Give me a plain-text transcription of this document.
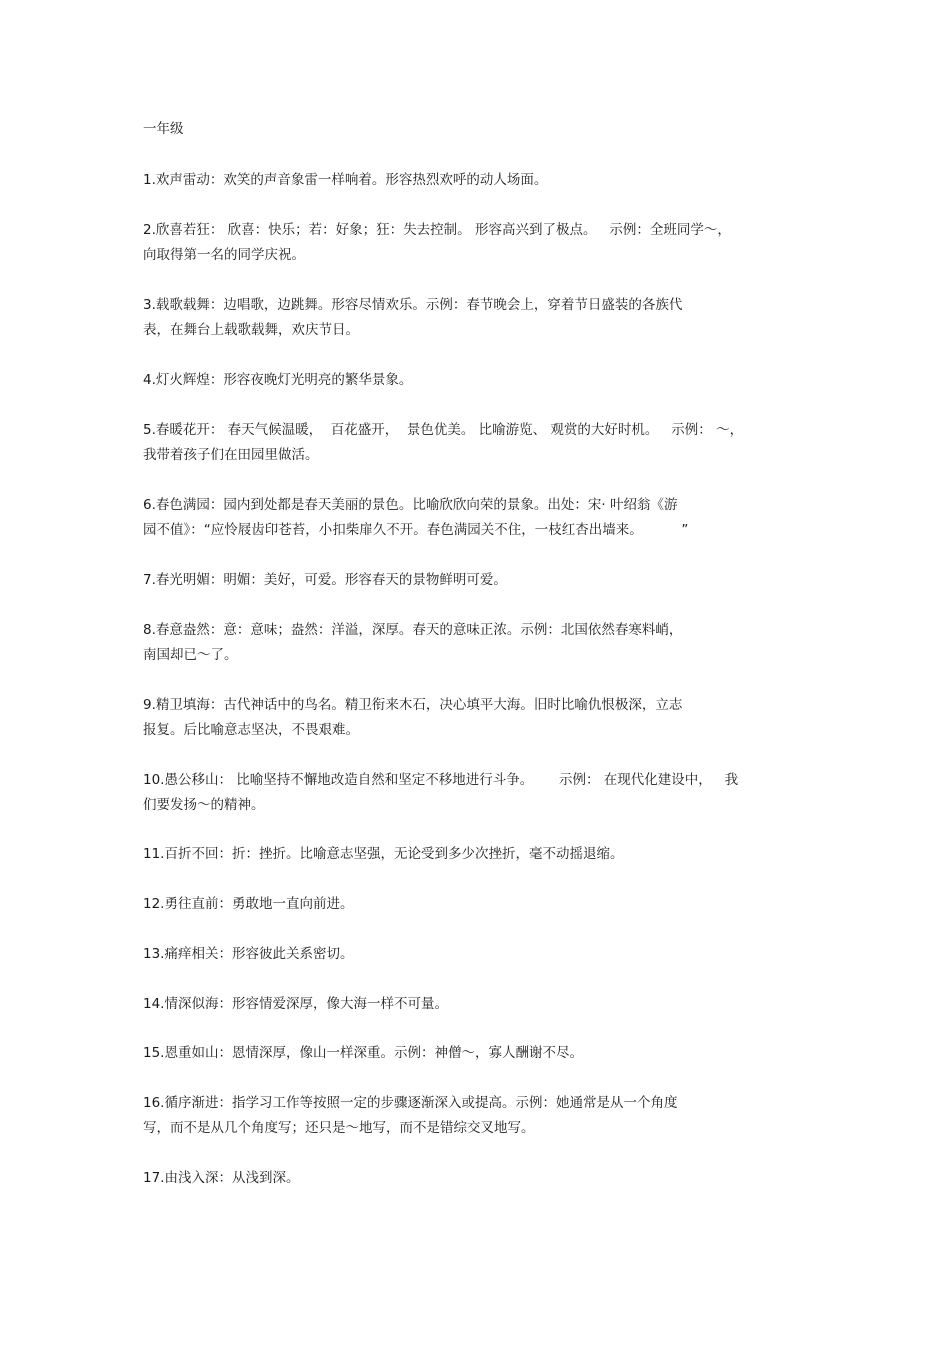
一年级
1.欢声雷动：欢笑的声音象雷一样响着。形容热烈欢呼的动人场面。
2.欣喜若狂： 欣喜：快乐；若：好象；狂：失去控制。 形容高兴到了极点。   示例：全班同学～，
向取得第一名的同学庆祝。
3.载歌载舞：边唱歌，边跳舞。形容尽情欢乐。示例：春节晚会上，穿着节日盛装的各族代
表，在舞台上载歌载舞，欢庆节日。
4.灯火辉煌：形容夜晚灯光明亮的繁华景象。
5.春暖花开： 春天气候温暖，  百花盛开，  景色优美。 比喻游览、 观赏的大好时机。   示例： ～，
我带着孩子们在田园里做活。
6.春色满园：园内到处都是春天美丽的景色。比喻欣欣向荣的景象。出处：宋· 叶绍翁《游
园不值》：“应怜屐齿印苍苔，小扣柴扉久不开。春色满园关不住，一枝红杏出墙来。         ”
7.春光明媚：明媚：美好，可爱。形容春天的景物鲜明可爱。
8.春意盎然：意：意味；盎然：洋溢，深厚。春天的意味正浓。示例：北国依然春寒料峭，
南国却已～了。
9.精卫填海：古代神话中的鸟名。精卫衔来木石，决心填平大海。旧时比喻仇恨极深，立志
报复。后比喻意志坚决，不畏艰难。
10.愚公移山： 比喻坚持不懈地改造自然和坚定不移地进行斗争。      示例： 在现代化建设中，   我
们要发扬～的精神。
11.百折不回：折：挫折。比喻意志坚强，无论受到多少次挫折，毫不动摇退缩。
12.勇往直前：勇敢地一直向前进。
13.痛痒相关：形容彼此关系密切。
14.情深似海：形容情爱深厚，像大海一样不可量。
15.恩重如山：恩情深厚，像山一样深重。示例：神僧～，寡人酬谢不尽。
16.循序渐进：指学习工作等按照一定的步骤逐渐深入或提高。示例：她通常是从一个角度
写，而不是从几个角度写；还只是～地写，而不是错综交叉地写。
17.由浅入深：从浅到深。
